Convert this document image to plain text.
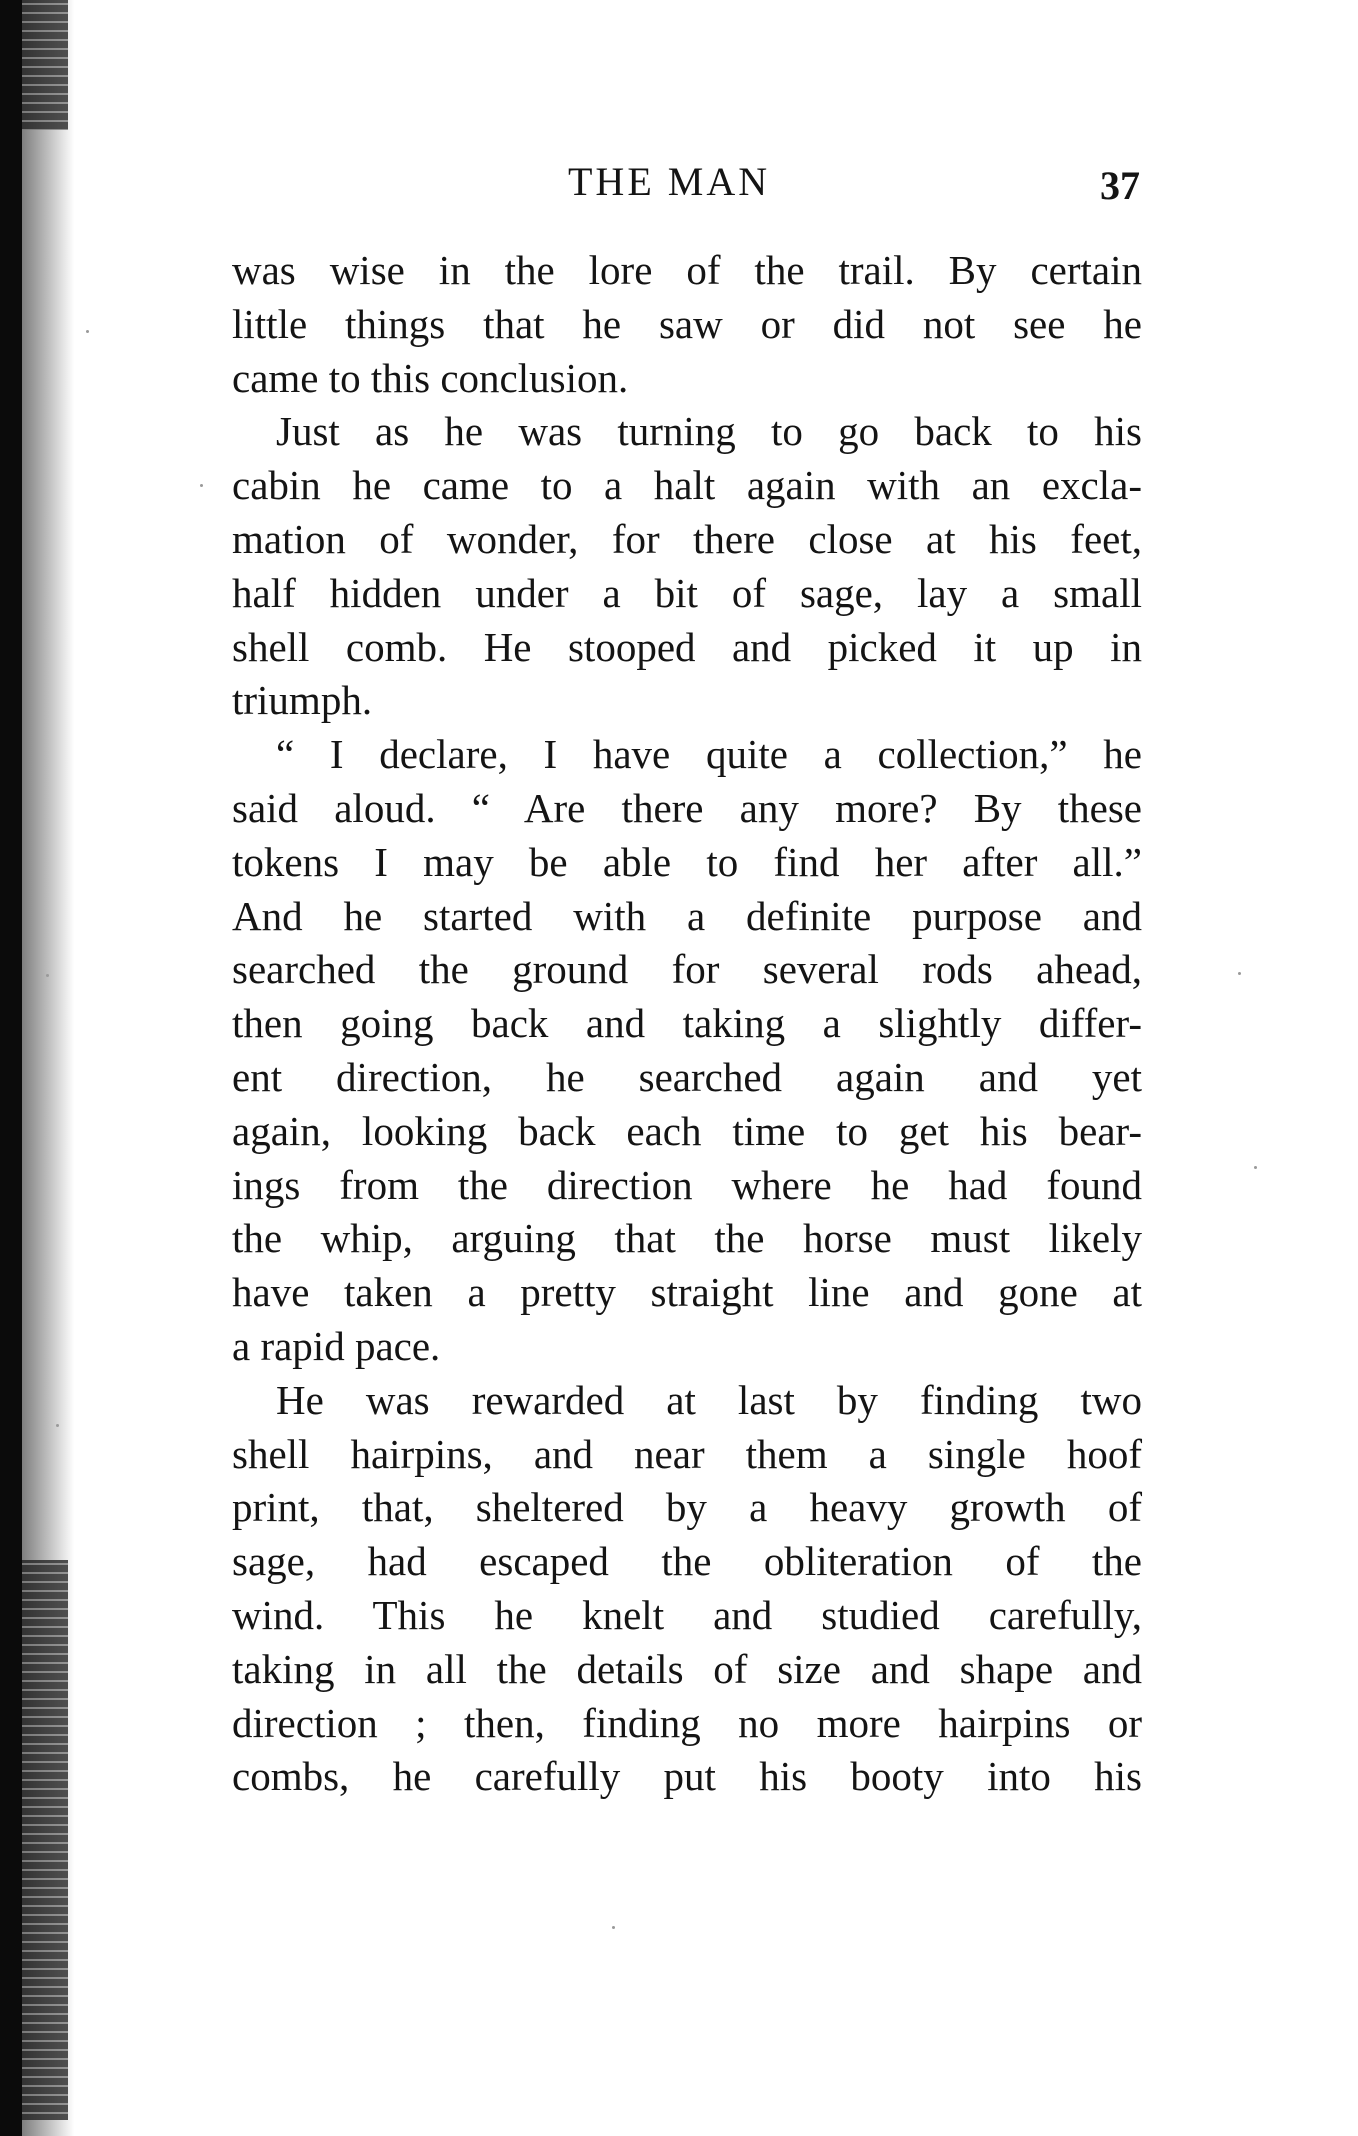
THE MAN	37
was wise in the lore of the trail. By certain
little things that he saw or did not see he
came to this conclusion.
Just as he was turning to go back to his
cabin he came to a halt again with an excla-
mation of wonder, for there close at his feet,
half hidden under a bit of sage, lay a small
shell comb. He stooped and picked it up in
triumph.
“ I declare, I have quite a collection,” he
said aloud. “ Are there any more? By these
tokens I may be able to find her after all.”
And he started with a definite purpose and
searched the ground for several rods ahead,
then going back and taking a slightly differ-
ent direction, he searched again and yet
again, looking back each time to get his bear-
ings from the direction where he had found
the whip, arguing that the horse must likely
have taken a pretty straight line and gone at
a rapid pace.
He was rewarded at last by finding two
shell hairpins, and near them a single hoof
print, that, sheltered by a heavy growth of
sage, had escaped the obliteration of the
wind. This he knelt and studied carefully,
taking in all the details of size and shape and
direction ; then, finding no more hairpins or
combs, he carefully put his booty into his
